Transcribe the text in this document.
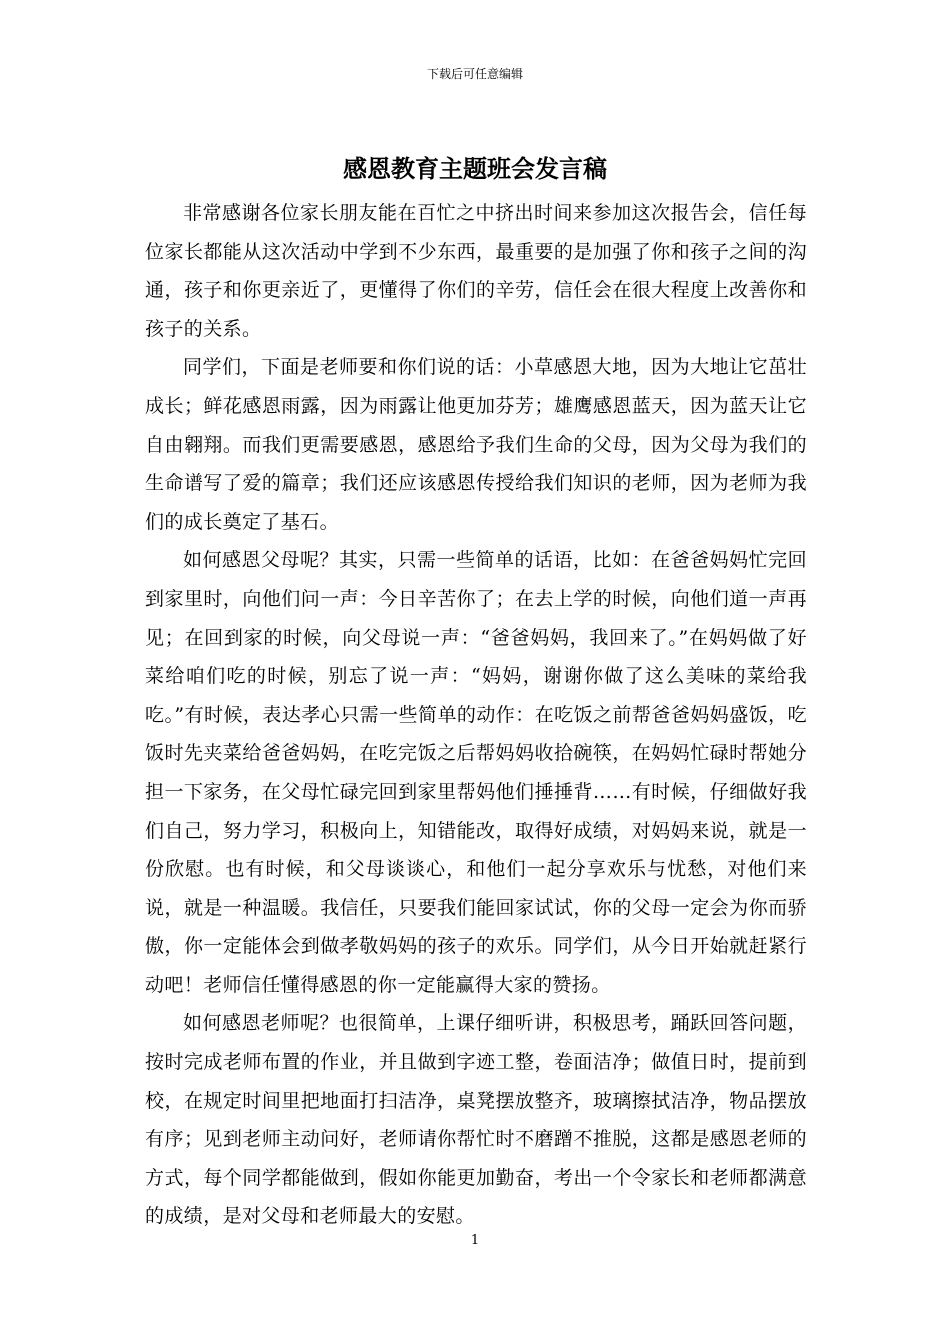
下载后可任意编辑
感恩教育主题班会发言稿

非常感谢各位家长朋友能在百忙之中挤出时间来参加这次报告会，信任每位家长都能从这次活动中学到不少东西，最重要的是加强了你和孩子之间的沟通，孩子和你更亲近了，更懂得了你们的辛劳，信任会在很大程度上改善你和孩子的关系。

同学们，下面是老师要和你们说的话：小草感恩大地，因为大地让它茁壮成长；鲜花感恩雨露，因为雨露让他更加芬芳；雄鹰感恩蓝天，因为蓝天让它自由翱翔。而我们更需要感恩，感恩给予我们生命的父母，因为父母为我们的生命谱写了爱的篇章；我们还应该感恩传授给我们知识的老师，因为老师为我们的成长奠定了基石。

如何感恩父母呢？其实，只需一些简单的话语，比如：在爸爸妈妈忙完回到家里时，向他们问一声：今日辛苦你了；在去上学的时候，向他们道一声再见；在回到家的时候，向父母说一声：“爸爸妈妈，我回来了。”在妈妈做了好菜给咱们吃的时候，别忘了说一声：“妈妈，谢谢你做了这么美味的菜给我吃。”有时候，表达孝心只需一些简单的动作：在吃饭之前帮爸爸妈妈盛饭，吃饭时先夹菜给爸爸妈妈，在吃完饭之后帮妈妈收拾碗筷，在妈妈忙碌时帮她分担一下家务，在父母忙碌完回到家里帮妈他们捶捶背……有时候，仔细做好我们自己，努力学习，积极向上，知错能改，取得好成绩，对妈妈来说，就是一份欣慰。也有时候，和父母谈谈心，和他们一起分享欢乐与忧愁，对他们来说，就是一种温暖。我信任，只要我们能回家试试，你的父母一定会为你而骄傲，你一定能体会到做孝敬妈妈的孩子的欢乐。同学们，从今日开始就赶紧行动吧！老师信任懂得感恩的你一定能赢得大家的赞扬。

如何感恩老师呢？也很简单，上课仔细听讲，积极思考，踊跃回答问题，按时完成老师布置的作业，并且做到字迹工整，卷面洁净；做值日时，提前到校，在规定时间里把地面打扫洁净，桌凳摆放整齐，玻璃擦拭洁净，物品摆放有序；见到老师主动问好，老师请你帮忙时不磨蹭不推脱，这都是感恩老师的方式，每个同学都能做到，假如你能更加勤奋，考出一个令家长和老师都满意的成绩，是对父母和老师最大的安慰。

1
